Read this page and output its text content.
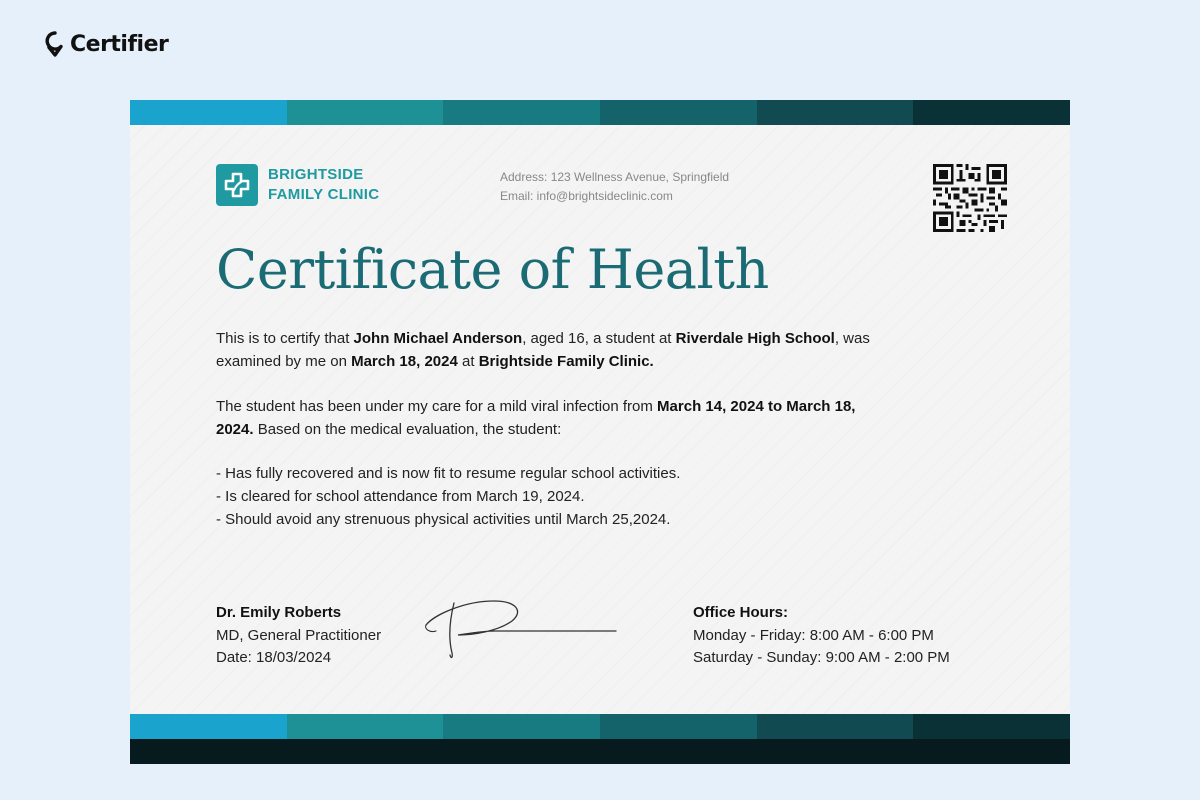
Certifier
BRIGHTSIDE
FAMILY CLINIC
Address: 123 Wellness Avenue, Springfield
Email: info@brightsideclinic.com
Certificate of Health
This is to certify that John Michael Anderson, aged 16, a student at Riverdale High School, was examined by me on March 18, 2024 at Brightside Family Clinic.
The student has been under my care for a mild viral infection from March 14, 2024 to March 18, 2024. Based on the medical evaluation, the student:
- Has fully recovered and is now fit to resume regular school activities.
- Is cleared for school attendance from March 19, 2024.
- Should avoid any strenuous physical activities until March 25,2024.
Dr. Emily Roberts
MD, General Practitioner
Date: 18/03/2024
Office Hours:
Monday - Friday: 8:00 AM - 6:00 PM
Saturday - Sunday: 9:00 AM - 2:00 PM
